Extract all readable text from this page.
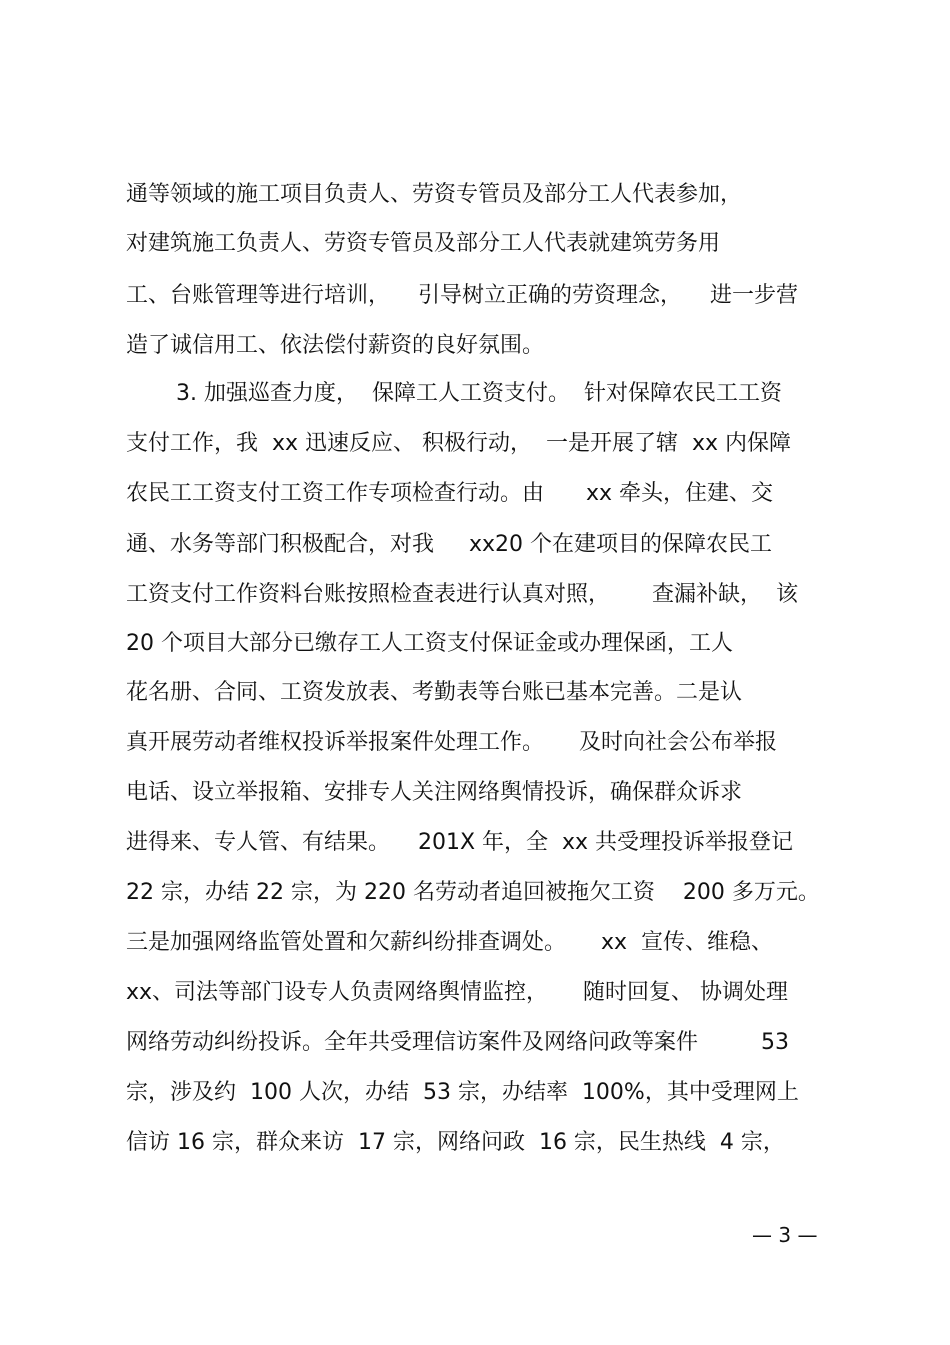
通等领域的施工项目负责人、劳资专管员及部分工人代表参加，
对建筑施工负责人、劳资专管员及部分工人代表就建筑劳务用
工、台账管理等进行培训，    引导树立正确的劳资理念，    进一步营
造了诚信用工、依法偿付薪资的良好氛围。
3. 加强巡查力度，  保障工人工资支付。  针对保障农民工工资
支付工作，我  xx 迅速反应、 积极行动，  一是开展了辖  xx 内保障
农民工工资支付工资工作专项检查行动。由      xx 牵头，住建、交
通、水务等部门积极配合，对我     xx20 个在建项目的保障农民工
工资支付工作资料台账按照检查表进行认真对照，      查漏补缺，  该
20 个项目大部分已缴存工人工资支付保证金或办理保函，工人
花名册、合同、工资发放表、考勤表等台账已基本完善。二是认
真开展劳动者维权投诉举报案件处理工作。     及时向社会公布举报
电话、设立举报箱、安排专人关注网络舆情投诉，确保群众诉求
进得来、专人管、有结果。    201X 年，全  xx 共受理投诉举报登记
22 宗，办结 22 宗，为 220 名劳动者追回被拖欠工资    200 多万元。
三是加强网络监管处置和欠薪纠纷排查调处。     xx  宣传、维稳、
xx、司法等部门设专人负责网络舆情监控，     随时回复、 协调处理
网络劳动纠纷投诉。全年共受理信访案件及网络问政等案件         53
宗，涉及约  100 人次，办结  53 宗，办结率  100%，其中受理网上
信访 16 宗，群众来访  17 宗，网络问政  16 宗，民生热线  4 宗，
— 3 —
